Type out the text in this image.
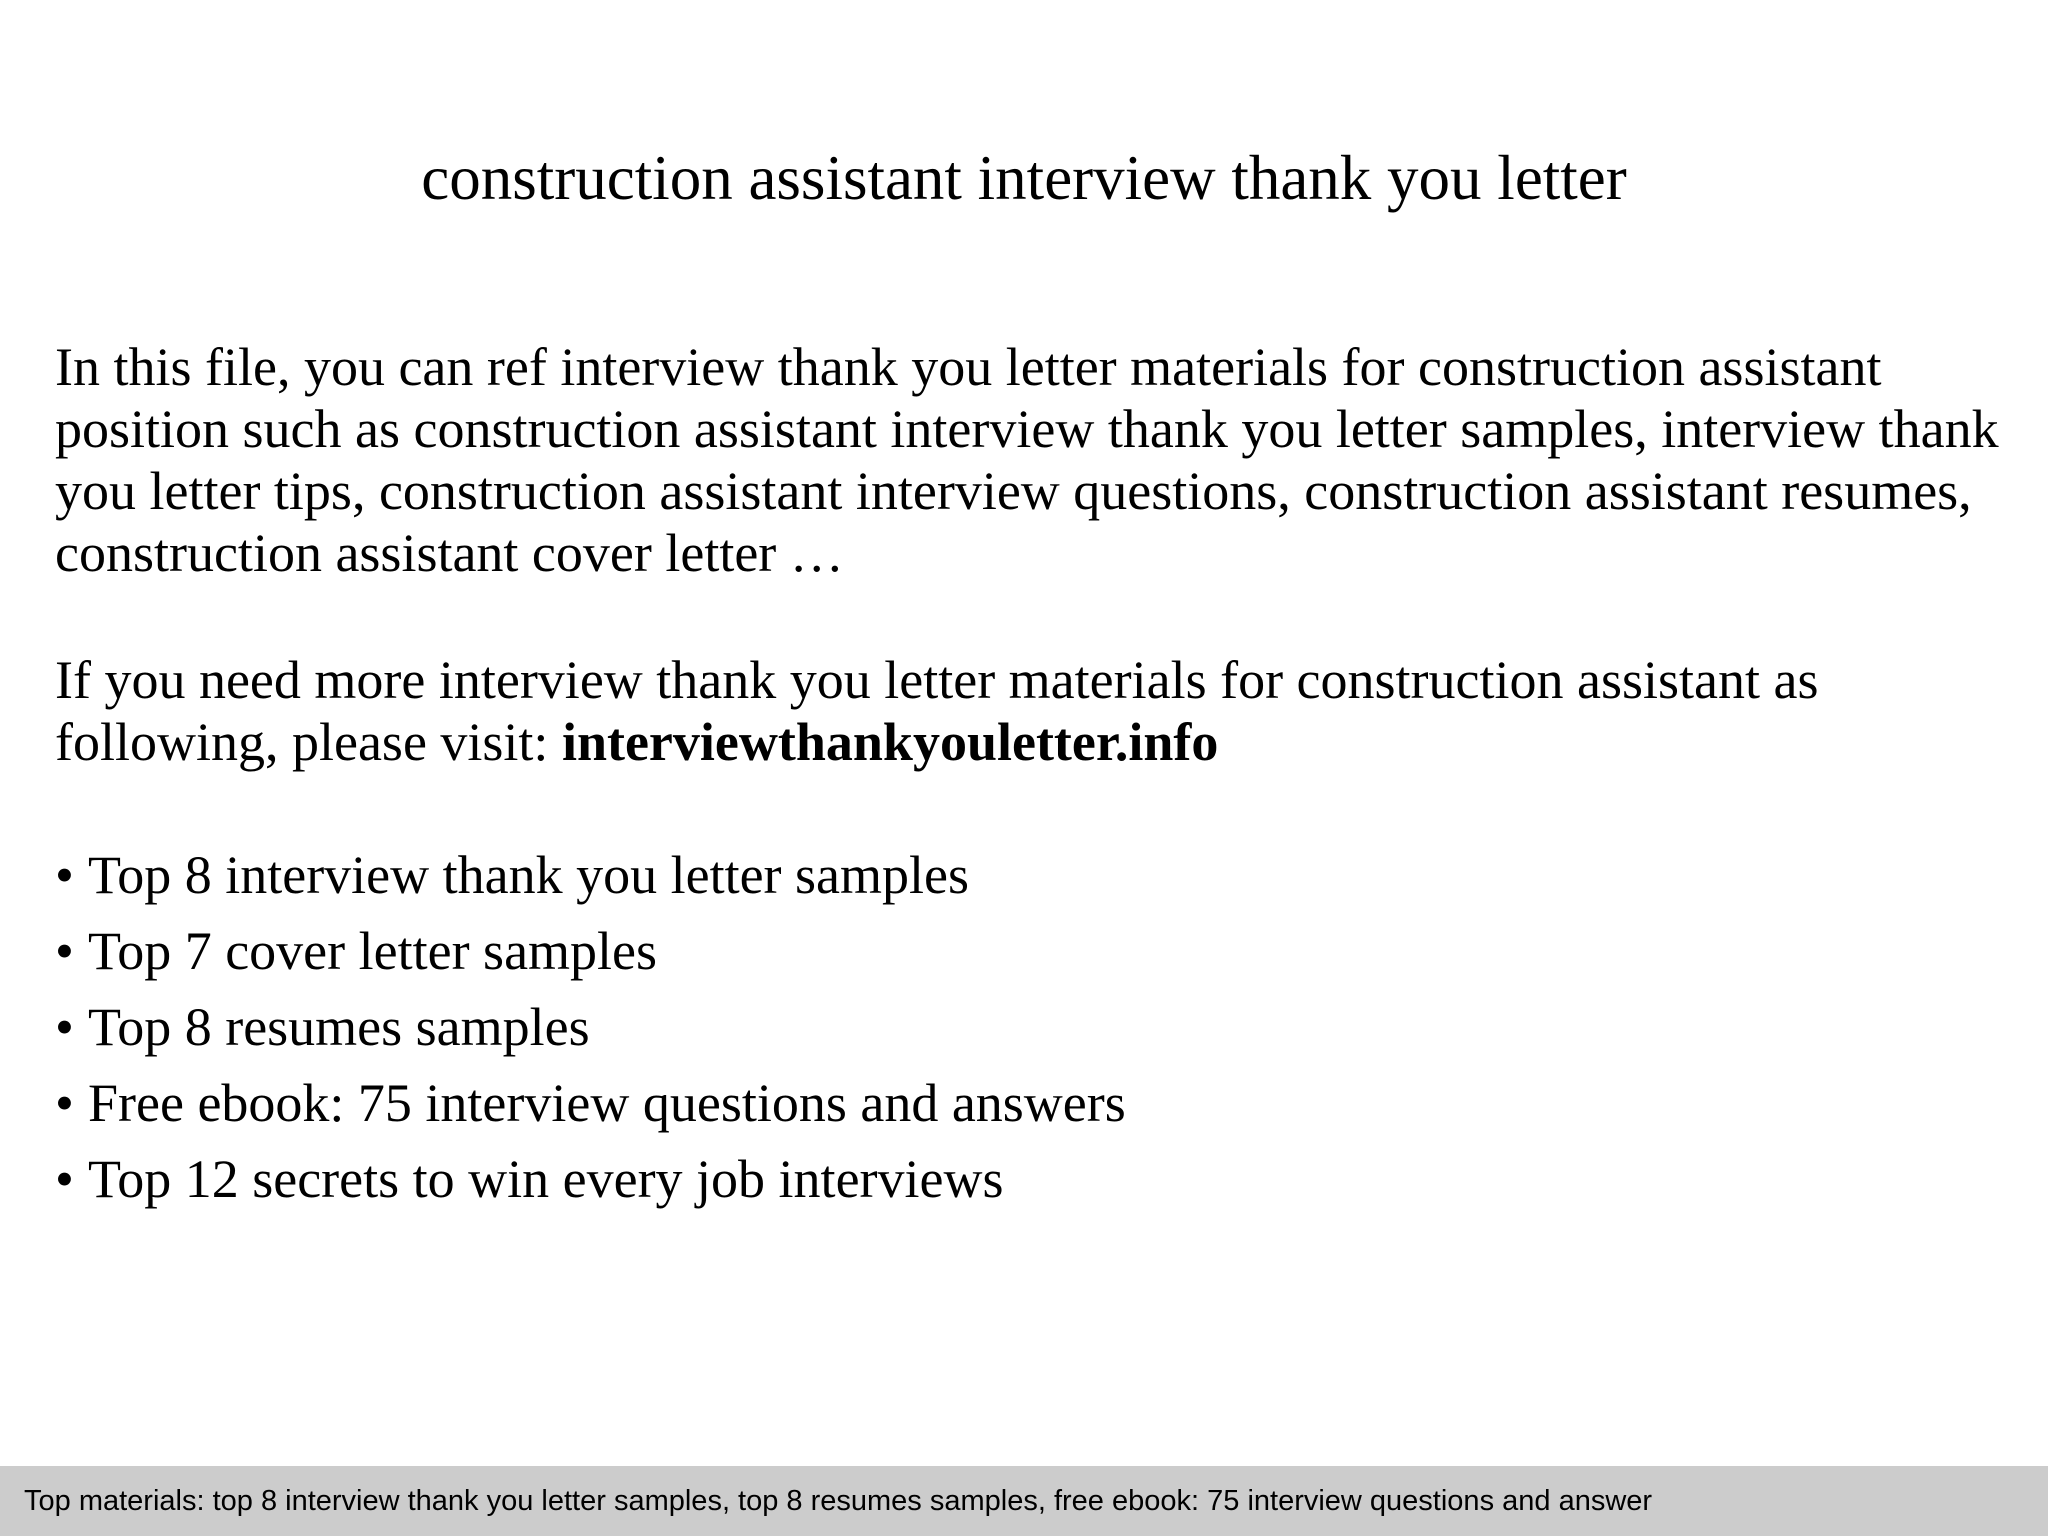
construction assistant interview thank you letter

In this file, you can ref interview thank you letter materials for construction assistant position such as construction assistant interview thank you letter samples, interview thank you letter tips, construction assistant interview questions, construction assistant resumes, construction assistant cover letter …

If you need more interview thank you letter materials for construction assistant as following, please visit: interviewthankyouletter.info

• Top 8 interview thank you letter samples
• Top 7 cover letter samples
• Top 8 resumes samples
• Free ebook: 75 interview questions and answers
• Top 12 secrets to win every job interviews
Top materials: top 8 interview thank you letter samples, top 8 resumes samples, free ebook: 75 interview questions and answer
